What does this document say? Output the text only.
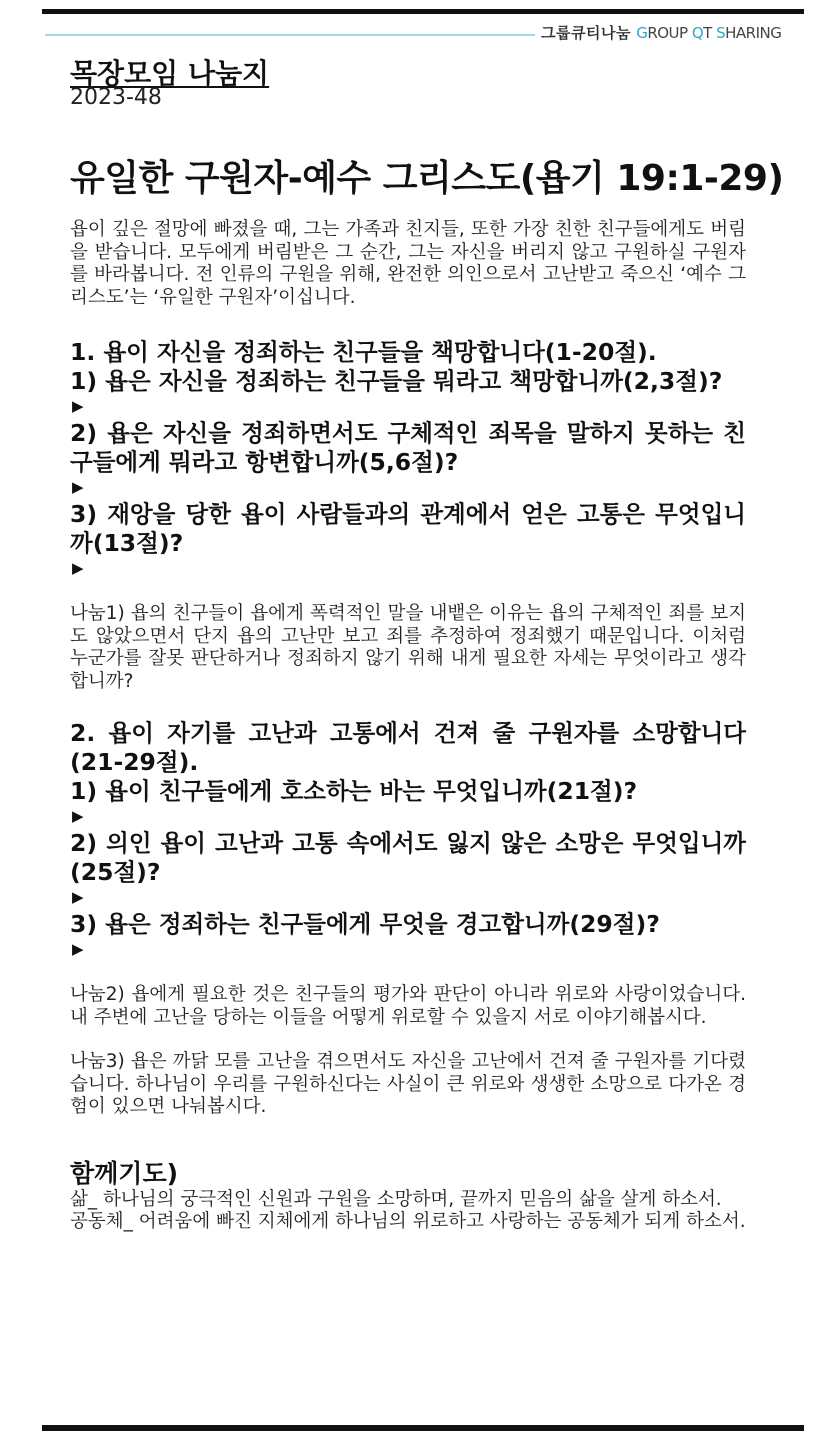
그룹큐티나눔 GROUP QT SHARING
목장모임 나눔지
2023-48
유일한 구원자-예수 그리스도(욥기 19:1-29)

욥이 깊은 절망에 빠졌을 때, 그는 가족과 친지들, 또한 가장 친한 친구들에게도 버림을 받습니다. 모두에게 버림받은 그 순간, 그는 자신을 버리지 않고 구원하실 구원자를 바라봅니다. 전 인류의 구원을 위해, 완전한 의인으로서 고난받고 죽으신 ‘예수 그리스도’는 ‘유일한 구원자’이십니다.

1. 욥이 자신을 정죄하는 친구들을 책망합니다(1-20절).

1) 욥은 자신을 정죄하는 친구들을 뭐라고 책망합니까(2,3절)?

▶

2) 욥은 자신을 정죄하면서도 구체적인 죄목을 말하지 못하는 친구들에게 뭐라고 항변합니까(5,6절)?

▶

3) 재앙을 당한 욥이 사람들과의 관계에서 얻은 고통은 무엇입니까(13절)?

▶

나눔1) 욥의 친구들이 욥에게 폭력적인 말을 내뱉은 이유는 욥의 구체적인 죄를 보지도 않았으면서 단지 욥의 고난만 보고 죄를 추정하여 정죄했기 때문입니다. 이처럼 누군가를 잘못 판단하거나 정죄하지 않기 위해 내게 필요한 자세는 무엇이라고 생각합니까?

2. 욥이 자기를 고난과 고통에서 건져 줄 구원자를 소망합니다(21-29절).

1) 욥이 친구들에게 호소하는 바는 무엇입니까(21절)?

▶

2) 의인 욥이 고난과 고통 속에서도 잃지 않은 소망은 무엇입니까(25절)?

▶

3) 욥은 정죄하는 친구들에게 무엇을 경고합니까(29절)?

▶

나눔2) 욥에게 필요한 것은 친구들의 평가와 판단이 아니라 위로와 사랑이었습니다. 내 주변에 고난을 당하는 이들을 어떻게 위로할 수 있을지 서로 이야기해봅시다.

나눔3) 욥은 까닭 모를 고난을 겪으면서도 자신을 고난에서 건져 줄 구원자를 기다렸습니다. 하나님이 우리를 구원하신다는 사실이 큰 위로와 생생한 소망으로 다가온 경험이 있으면 나눠봅시다.

함께기도)

삶_ 하나님의 궁극적인 신원과 구원을 소망하며, 끝까지 믿음의 삶을 살게 하소서.

공동체_ 어려움에 빠진 지체에게 하나님의 위로하고 사랑하는 공동체가 되게 하소서.
